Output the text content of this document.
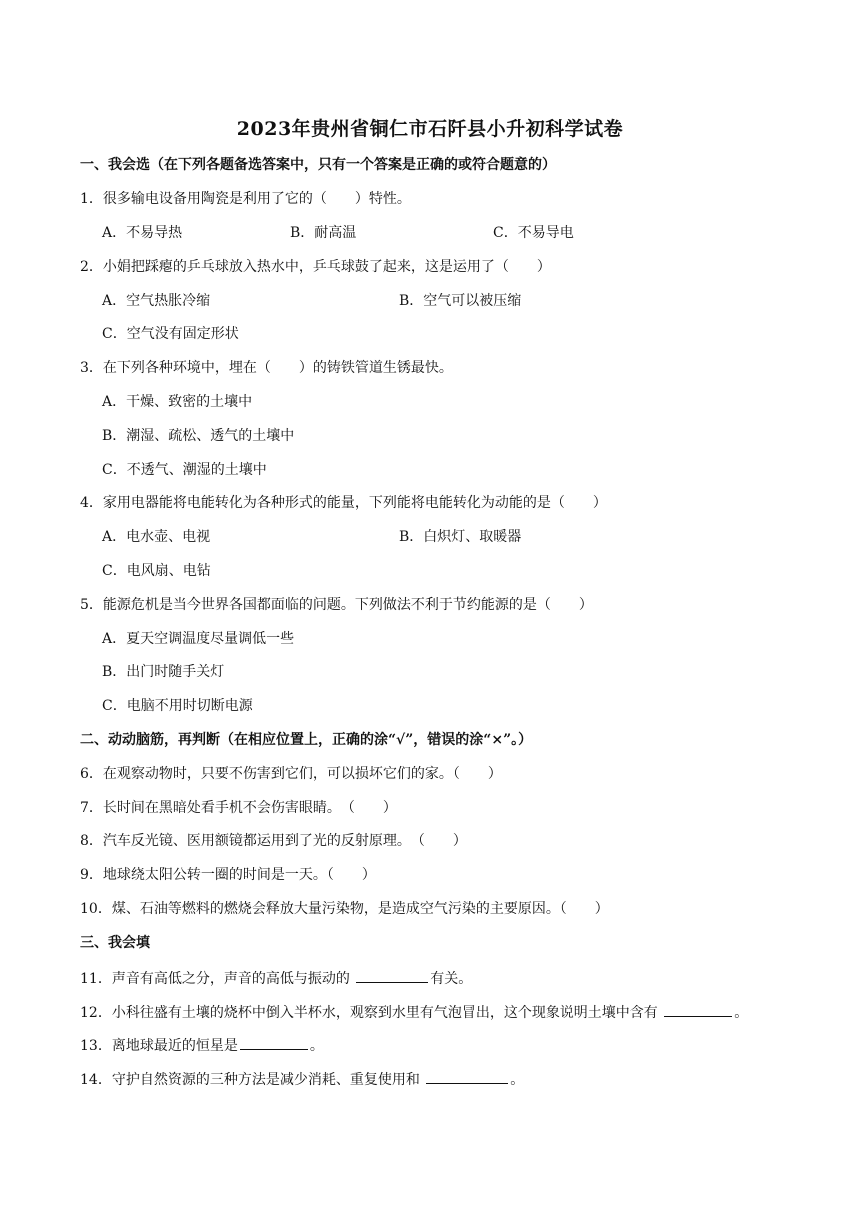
2023年贵州省铜仁市石阡县小升初科学试卷
一、我会选（在下列各题备选答案中，只有一个答案是正确的或符合题意的）
1．很多输电设备用陶瓷是利用了它的（　　）特性。
A．不易导热	B．耐高温	C．不易导电
2．小娟把踩瘪的乒乓球放入热水中，乒乓球鼓了起来，这是运用了（　　）
A．空气热胀冷缩	B．空气可以被压缩
C．空气没有固定形状
3．在下列各种环境中，埋在（　　）的铸铁管道生锈最快。
A．干燥、致密的土壤中
B．潮湿、疏松、透气的土壤中
C．不透气、潮湿的土壤中
4．家用电器能将电能转化为各种形式的能量，下列能将电能转化为动能的是（　　）
A．电水壶、电视	B．白炽灯、取暖器
C．电风扇、电钻
5．能源危机是当今世界各国都面临的问题。下列做法不利于节约能源的是（　　）
A．夏天空调温度尽量调低一些
B．出门时随手关灯
C．电脑不用时切断电源
二、动动脑筋，再判断（在相应位置上，正确的涂“√”，错误的涂“×”。）
6．在观察动物时，只要不伤害到它们，可以损坏它们的家。（　　）
7．长时间在黑暗处看手机不会伤害眼睛。　（　　）
8．汽车反光镜、医用额镜都运用到了光的反射原理。　（　　）
9．地球绕太阳公转一圈的时间是一天。（　　）
10．煤、石油等燃料的燃烧会释放大量污染物，是造成空气污染的主要原因。（　　）
三、我会填
11．声音有高低之分，声音的高低与振动的	有关。
12．小科往盛有土壤的烧杯中倒入半杯水，观察到水里有气泡冒出，这个现象说明土壤中含有	。
13．离地球最近的恒星是	。
14．守护自然资源的三种方法是减少消耗、重复使用和	。
